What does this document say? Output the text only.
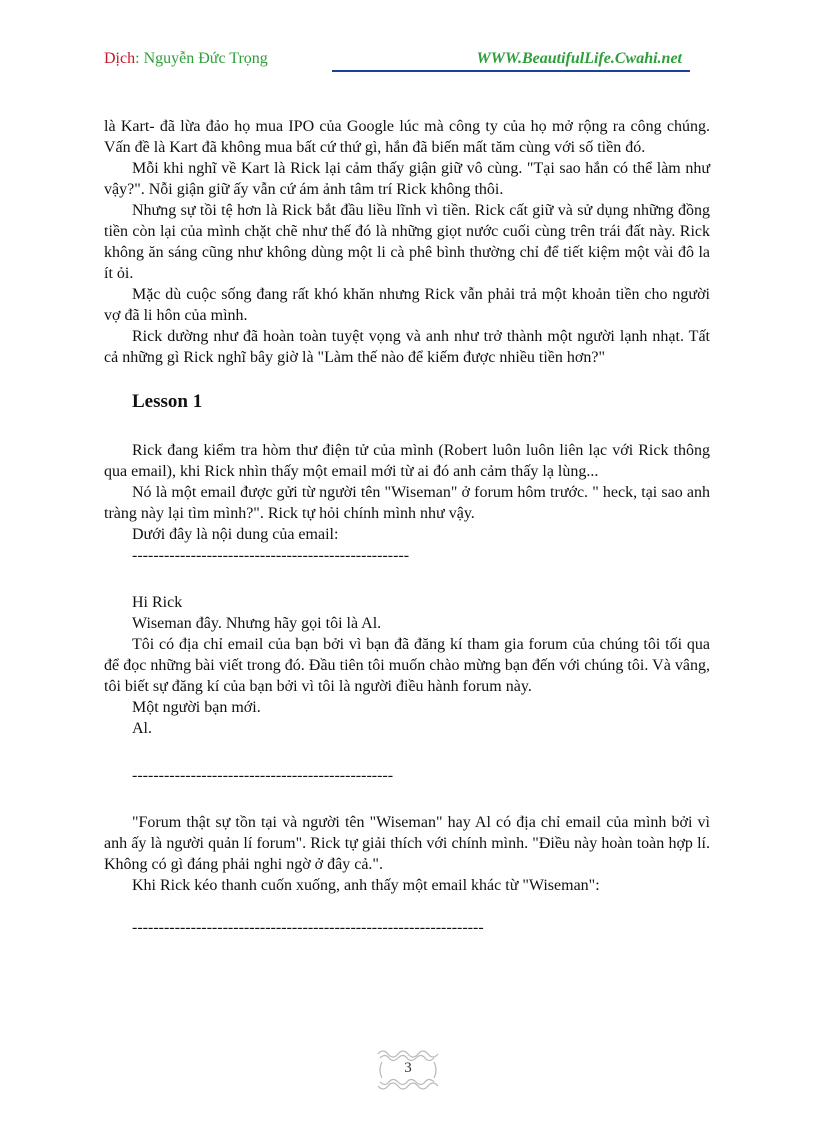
Dịch: Nguyễn Đức Trọng	WWW.BeautifulLife.Cwahi.net

là Kart- đã lừa đảo họ mua IPO của Google lúc mà công ty của họ mở rộng ra công chúng. Vấn đề là Kart đã không mua bất cứ thứ gì, hắn đã biến mất tăm cùng với số tiền đó.

Mỗi khi nghĩ về Kart là Rick lại cảm thấy giận giữ vô cùng. "Tại sao hắn có thể làm như vậy?". Nỗi giận giữ ấy vẫn cứ ám ảnh tâm trí Rick không thôi.

Nhưng sự tồi tệ hơn là Rick bắt đầu liều lĩnh vì tiền. Rick cất giữ và sử dụng những đồng tiền còn lại của mình chặt chẽ như thế đó là những giọt nước cuối cùng trên trái đất này. Rick không ăn sáng cũng như không dùng một li cà phê bình thường chỉ để tiết kiệm một vài đô la ít ỏi.

Mặc dù cuộc sống đang rất khó khăn nhưng Rick vẫn phải trả một khoản tiền cho người vợ đã li hôn của mình.

Rick dường như đã hoàn toàn tuyệt vọng và anh như trở thành một người lạnh nhạt. Tất cả những gì Rick nghĩ bây giờ là "Làm thế nào để kiếm được nhiều tiền hơn?"

Lesson 1

Rick đang kiểm tra hòm thư điện tử của mình (Robert luôn luôn liên lạc với Rick thông qua email), khi Rick nhìn thấy một email mới từ ai đó anh cảm thấy lạ lùng...

Nó là một email được gửi từ người tên "Wiseman" ở forum hôm trước. " heck, tại sao anh tràng này lại tìm mình?". Rick tự hỏi chính mình như vậy.

Dưới đây là nội dung của email:

----------------------------------------------------

Hi Rick

Wiseman đây. Nhưng hãy gọi tôi là Al.

Tôi có địa chỉ email của bạn bởi vì bạn đã đăng kí tham gia forum của chúng tôi tối qua để đọc những bài viết trong đó. Đầu tiên tôi muốn chào mừng bạn đến với chúng tôi. Và vâng, tôi biết sự đăng kí của bạn bởi vì tôi là người điều hành forum này.

Một người bạn mới.

Al.

-------------------------------------------------

"Forum thật sự tồn tại và người tên "Wiseman" hay Al có địa chỉ email của mình bởi vì anh ấy là người quản lí forum". Rick tự giải thích với chính mình. "Điều này hoàn toàn hợp lí. Không có gì đáng phải nghi ngờ ở đây cả.".

Khi Rick kéo thanh cuốn xuống, anh thấy một email khác từ "Wiseman":

------------------------------------------------------------------

3
